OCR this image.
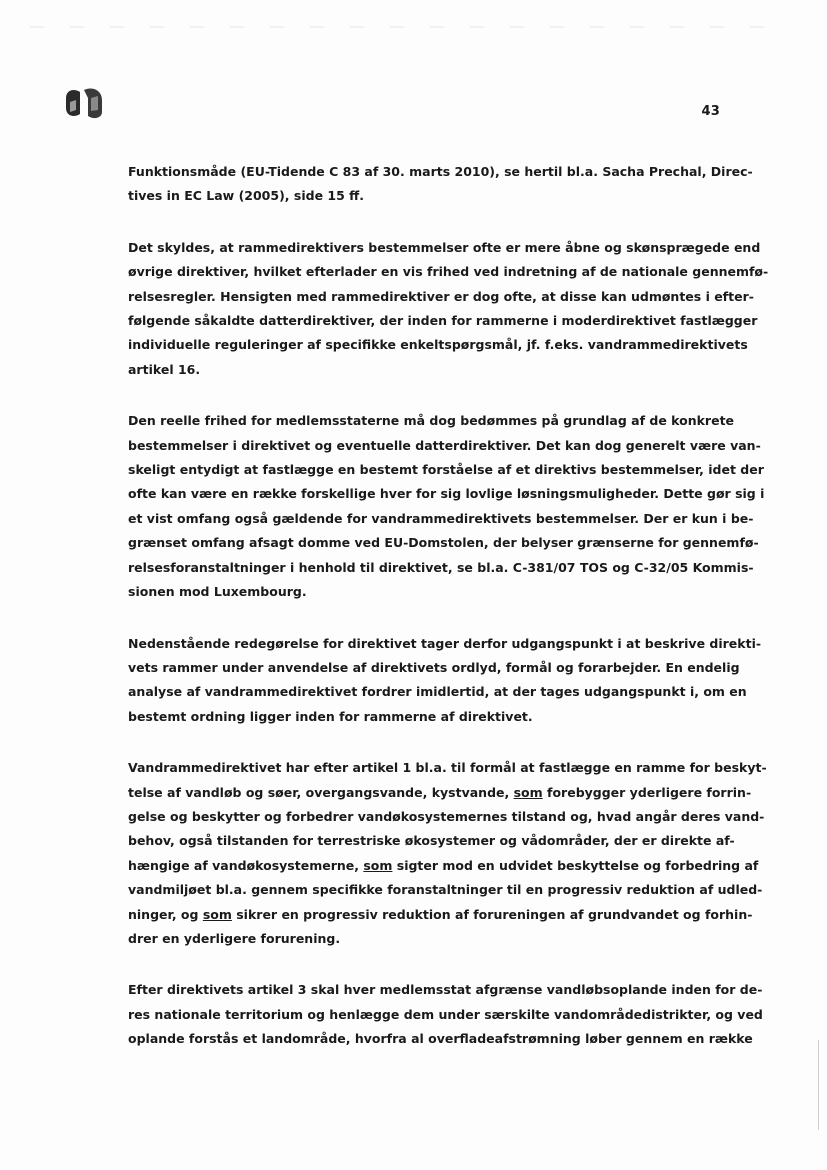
43

Funktionsmåde (EU-Tidende C 83 af 30. marts 2010), se hertil bl.a. Sacha Prechal, Direc-
tives in EC Law (2005), side 15 ff.

Det skyldes, at rammedirektivers bestemmelser ofte er mere åbne og skønsprægede end
øvrige direktiver, hvilket efterlader en vis frihed ved indretning af de nationale gennemfø-
relsesregler. Hensigten med rammedirektiver er dog ofte, at disse kan udmøntes i efter-
følgende såkaldte datterdirektiver, der inden for rammerne i moderdirektivet fastlægger
individuelle reguleringer af specifikke enkeltspørgsmål, jf. f.eks. vandrammedirektivets
artikel 16.

Den reelle frihed for medlemsstaterne må dog bedømmes på grundlag af de konkrete
bestemmelser i direktivet og eventuelle datterdirektiver. Det kan dog generelt være van-
skeligt entydigt at fastlægge en bestemt forståelse af et direktivs bestemmelser, idet der
ofte kan være en række forskellige hver for sig lovlige løsningsmuligheder. Dette gør sig i
et vist omfang også gældende for vandrammedirektivets bestemmelser. Der er kun i be-
grænset omfang afsagt domme ved EU-Domstolen, der belyser grænserne for gennemfø-
relsesforanstaltninger i henhold til direktivet, se bl.a. C-381/07 TOS og C-32/05 Kommis-
sionen mod Luxembourg.

Nedenstående redegørelse for direktivet tager derfor udgangspunkt i at beskrive direkti-
vets rammer under anvendelse af direktivets ordlyd, formål og forarbejder. En endelig
analyse af vandrammedirektivet fordrer imidlertid, at der tages udgangspunkt i, om en
bestemt ordning ligger inden for rammerne af direktivet.

Vandrammedirektivet har efter artikel 1 bl.a. til formål at fastlægge en ramme for beskyt-
telse af vandløb og søer, overgangsvande, kystvande, som forebygger yderligere forrin-
gelse og beskytter og forbedrer vandøkosystemernes tilstand og, hvad angår deres vand-
behov, også tilstanden for terrestriske økosystemer og vådområder, der er direkte af-
hængige af vandøkosystemerne, som sigter mod en udvidet beskyttelse og forbedring af
vandmiljøet bl.a. gennem specifikke foranstaltninger til en progressiv reduktion af udled-
ninger, og som sikrer en progressiv reduktion af forureningen af grundvandet og forhin-
drer en yderligere forurening.

Efter direktivets artikel 3 skal hver medlemsstat afgrænse vandløbsoplande inden for de-
res nationale territorium og henlægge dem under særskilte vandområdedistrikter, og ved
oplande forstås et landområde, hvorfra al overfladeafstrømning løber gennem en række
